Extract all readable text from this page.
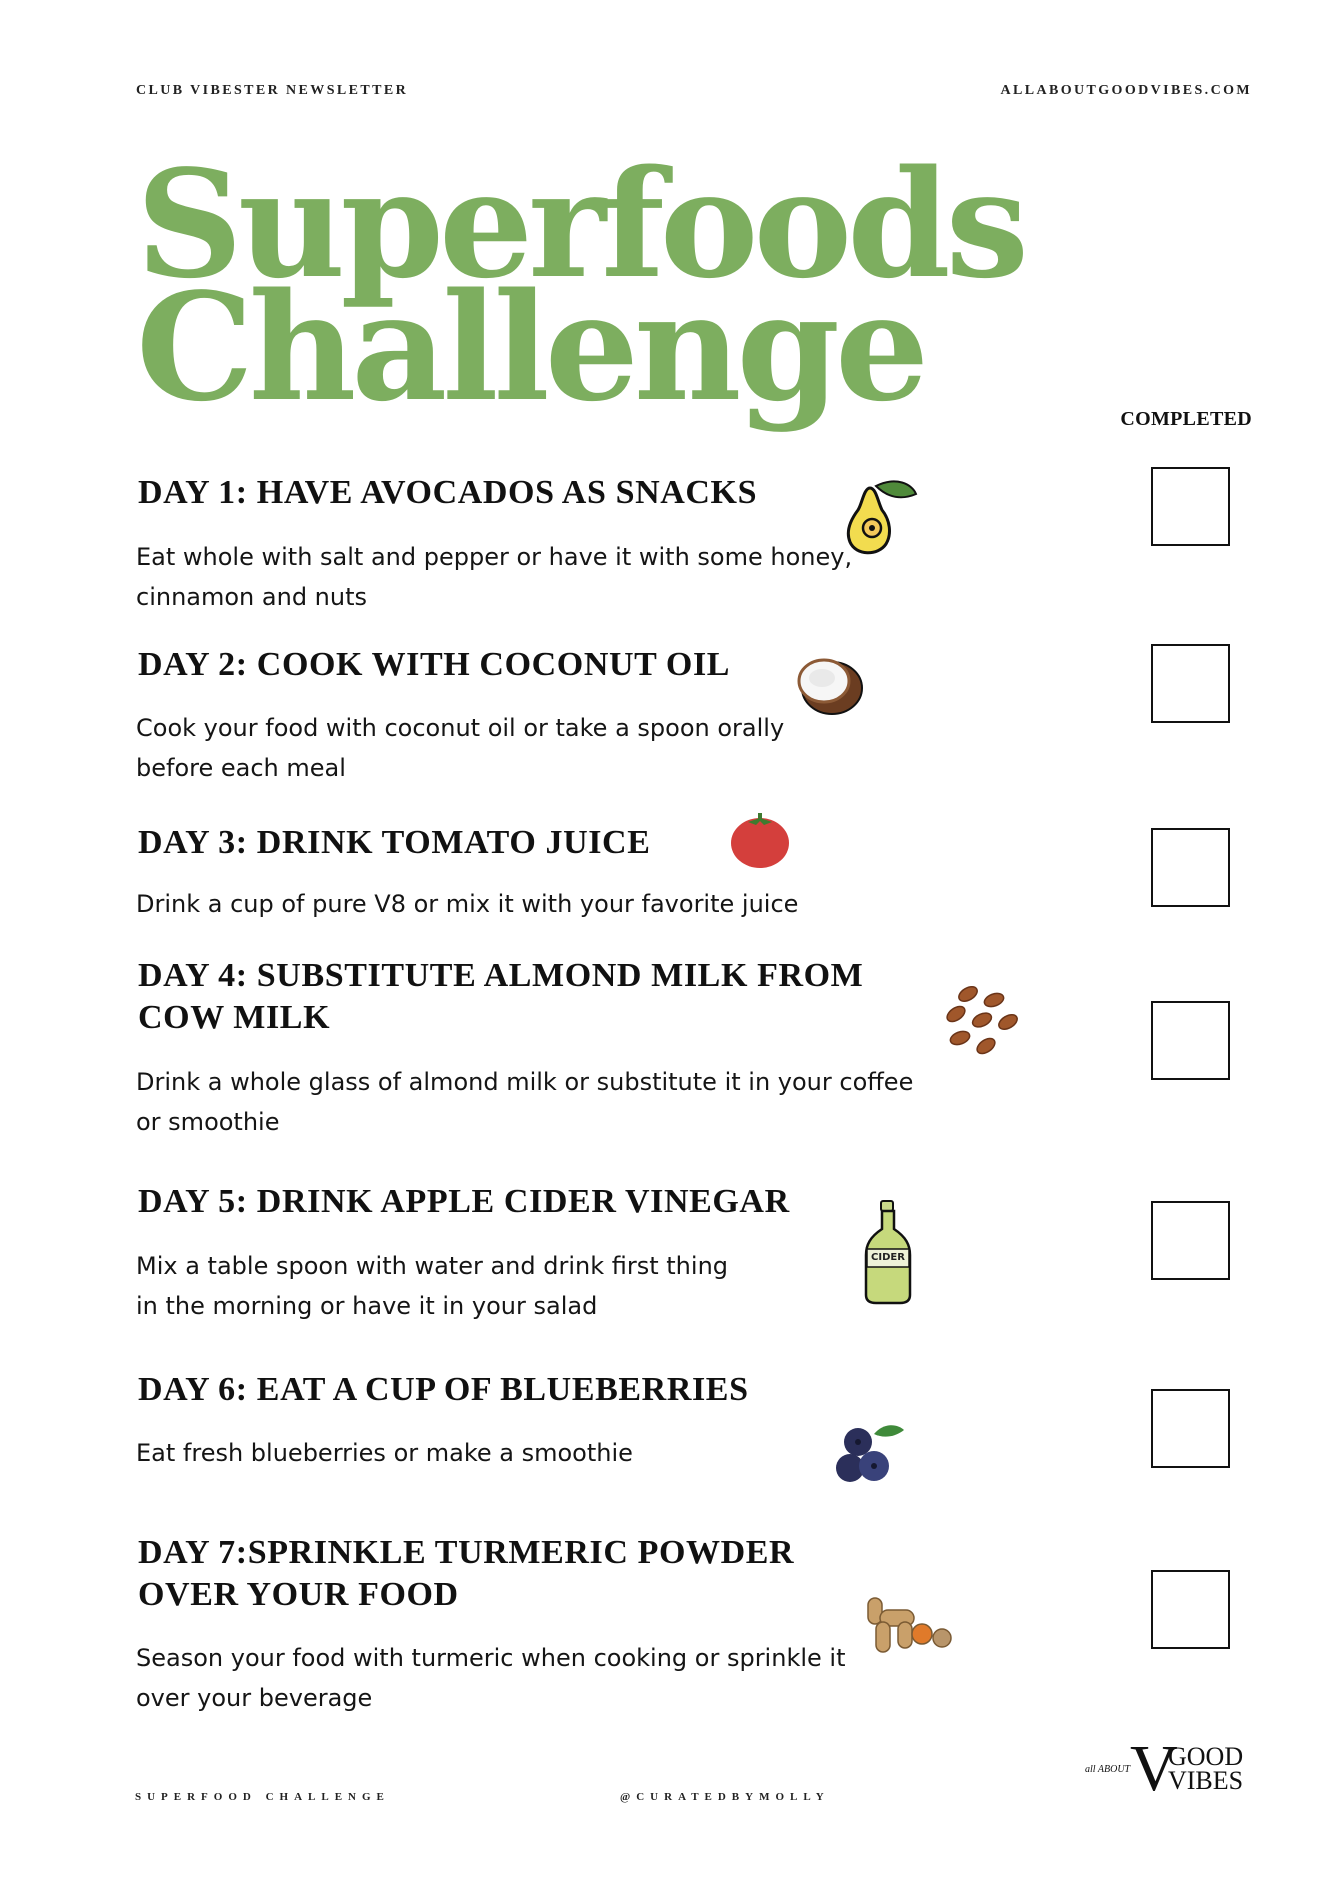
CLUB VIBESTER NEWSLETTER	ALLABOUTGOODVIBES.COM
Superfoods
Challenge	COMPLETED
DAY 1: HAVE AVOCADOS AS SNACKS
Eat whole with salt and pepper or have it with some honey,
cinnamon and nuts
DAY 2: COOK WITH COCONUT OIL
Cook your food with coconut oil or take a spoon orally
before each meal
DAY 3: DRINK TOMATO JUICE
Drink a cup of pure V8 or mix it with your favorite juice
DAY 4: SUBSTITUTE ALMOND MILK FROM
COW MILK
Drink a whole glass of almond milk or substitute it in your coffee
or smoothie
DAY 5: DRINK APPLE CIDER VINEGAR
Mix a table spoon with water and drink first thing
in the morning or have it in your salad
CIDER
DAY 6: EAT A CUP OF BLUEBERRIES
Eat fresh blueberries or make a smoothie
DAY 7:SPRINKLE TURMERIC POWDER
OVER YOUR FOOD
Season your food with turmeric when cooking or sprinkle it
over your beverage
SUPERFOOD CHALLENGE	@CURATEDBYMOLLY
all ABOUT V
GOOD
VIBES
